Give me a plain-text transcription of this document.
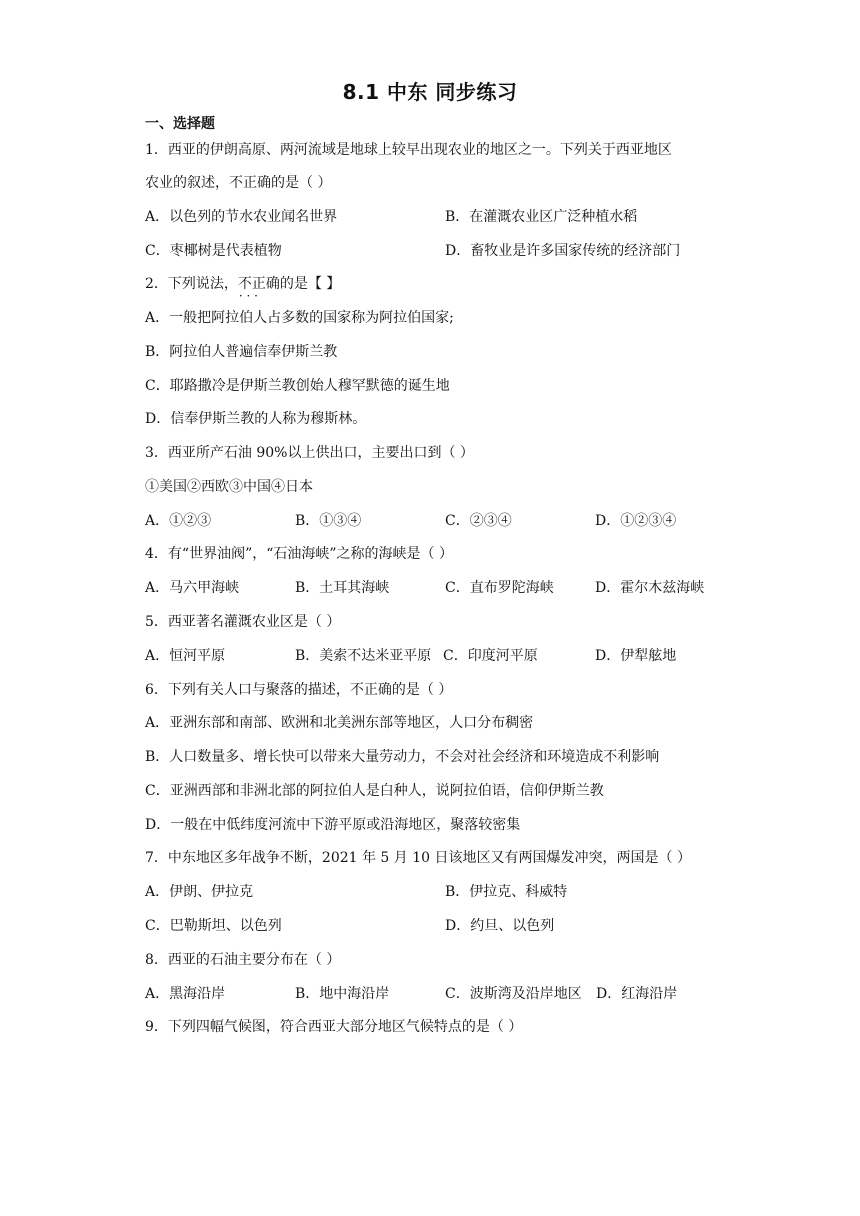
8.1 中东 同步练习
一、选择题
1．西亚的伊朗高原、两河流域是地球上较早出现农业的地区之一。下列关于西亚地区
农业的叙述，不正确的是（ ）
A．以色列的节水农业闻名世界	B．在灌溉农业区广泛种植水稻
C．枣椰树是代表植物	D．畜牧业是许多国家传统的经济部门
2．下列说法，不正确 · · ·的是【 】
A．一般把阿拉伯人占多数的国家称为阿拉伯国家;
B．阿拉伯人普遍信奉伊斯兰教
C．耶路撒冷是伊斯兰教创始人穆罕默德的诞生地
D．信奉伊斯兰教的人称为穆斯林。
3．西亚所产石油 90%以上供出口，主要出口到（ ）
①美国②西欧③中国④日本
A．①②③	B．①③④	C．②③④	D．①②③④
4．有“世界油阀”，“石油海峡”之称的海峡是（ ）
A．马六甲海峡	B．土耳其海峡	C．直布罗陀海峡	D．霍尔木兹海峡
5．西亚著名灌溉农业区是（ ）
A．恒河平原	B．美索不达米亚平原 C．印度河平原	D．伊犁舷地
6．下列有关人口与聚落的描述，不正确的是（ ）
A．亚洲东部和南部、欧洲和北美洲东部等地区，人口分布稠密
B．人口数量多、增长快可以带来大量劳动力，不会对社会经济和环境造成不利影响
C．亚洲西部和非洲北部的阿拉伯人是白种人，说阿拉伯语，信仰伊斯兰教
D．一般在中低纬度河流中下游平原或沿海地区，聚落较密集
7．中东地区多年战争不断，2021 年 5 月 10 日该地区又有两国爆发冲突，两国是（ ）
A．伊朗、伊拉克	B．伊拉克、科威特
C．巴勒斯坦、以色列	D．约旦、以色列
8．西亚的石油主要分布在（ ）
A．黑海沿岸	B．地中海沿岸	C．波斯湾及沿岸地区 D．红海沿岸
9．下列四幅气候图，符合西亚大部分地区气候特点的是（ ）
